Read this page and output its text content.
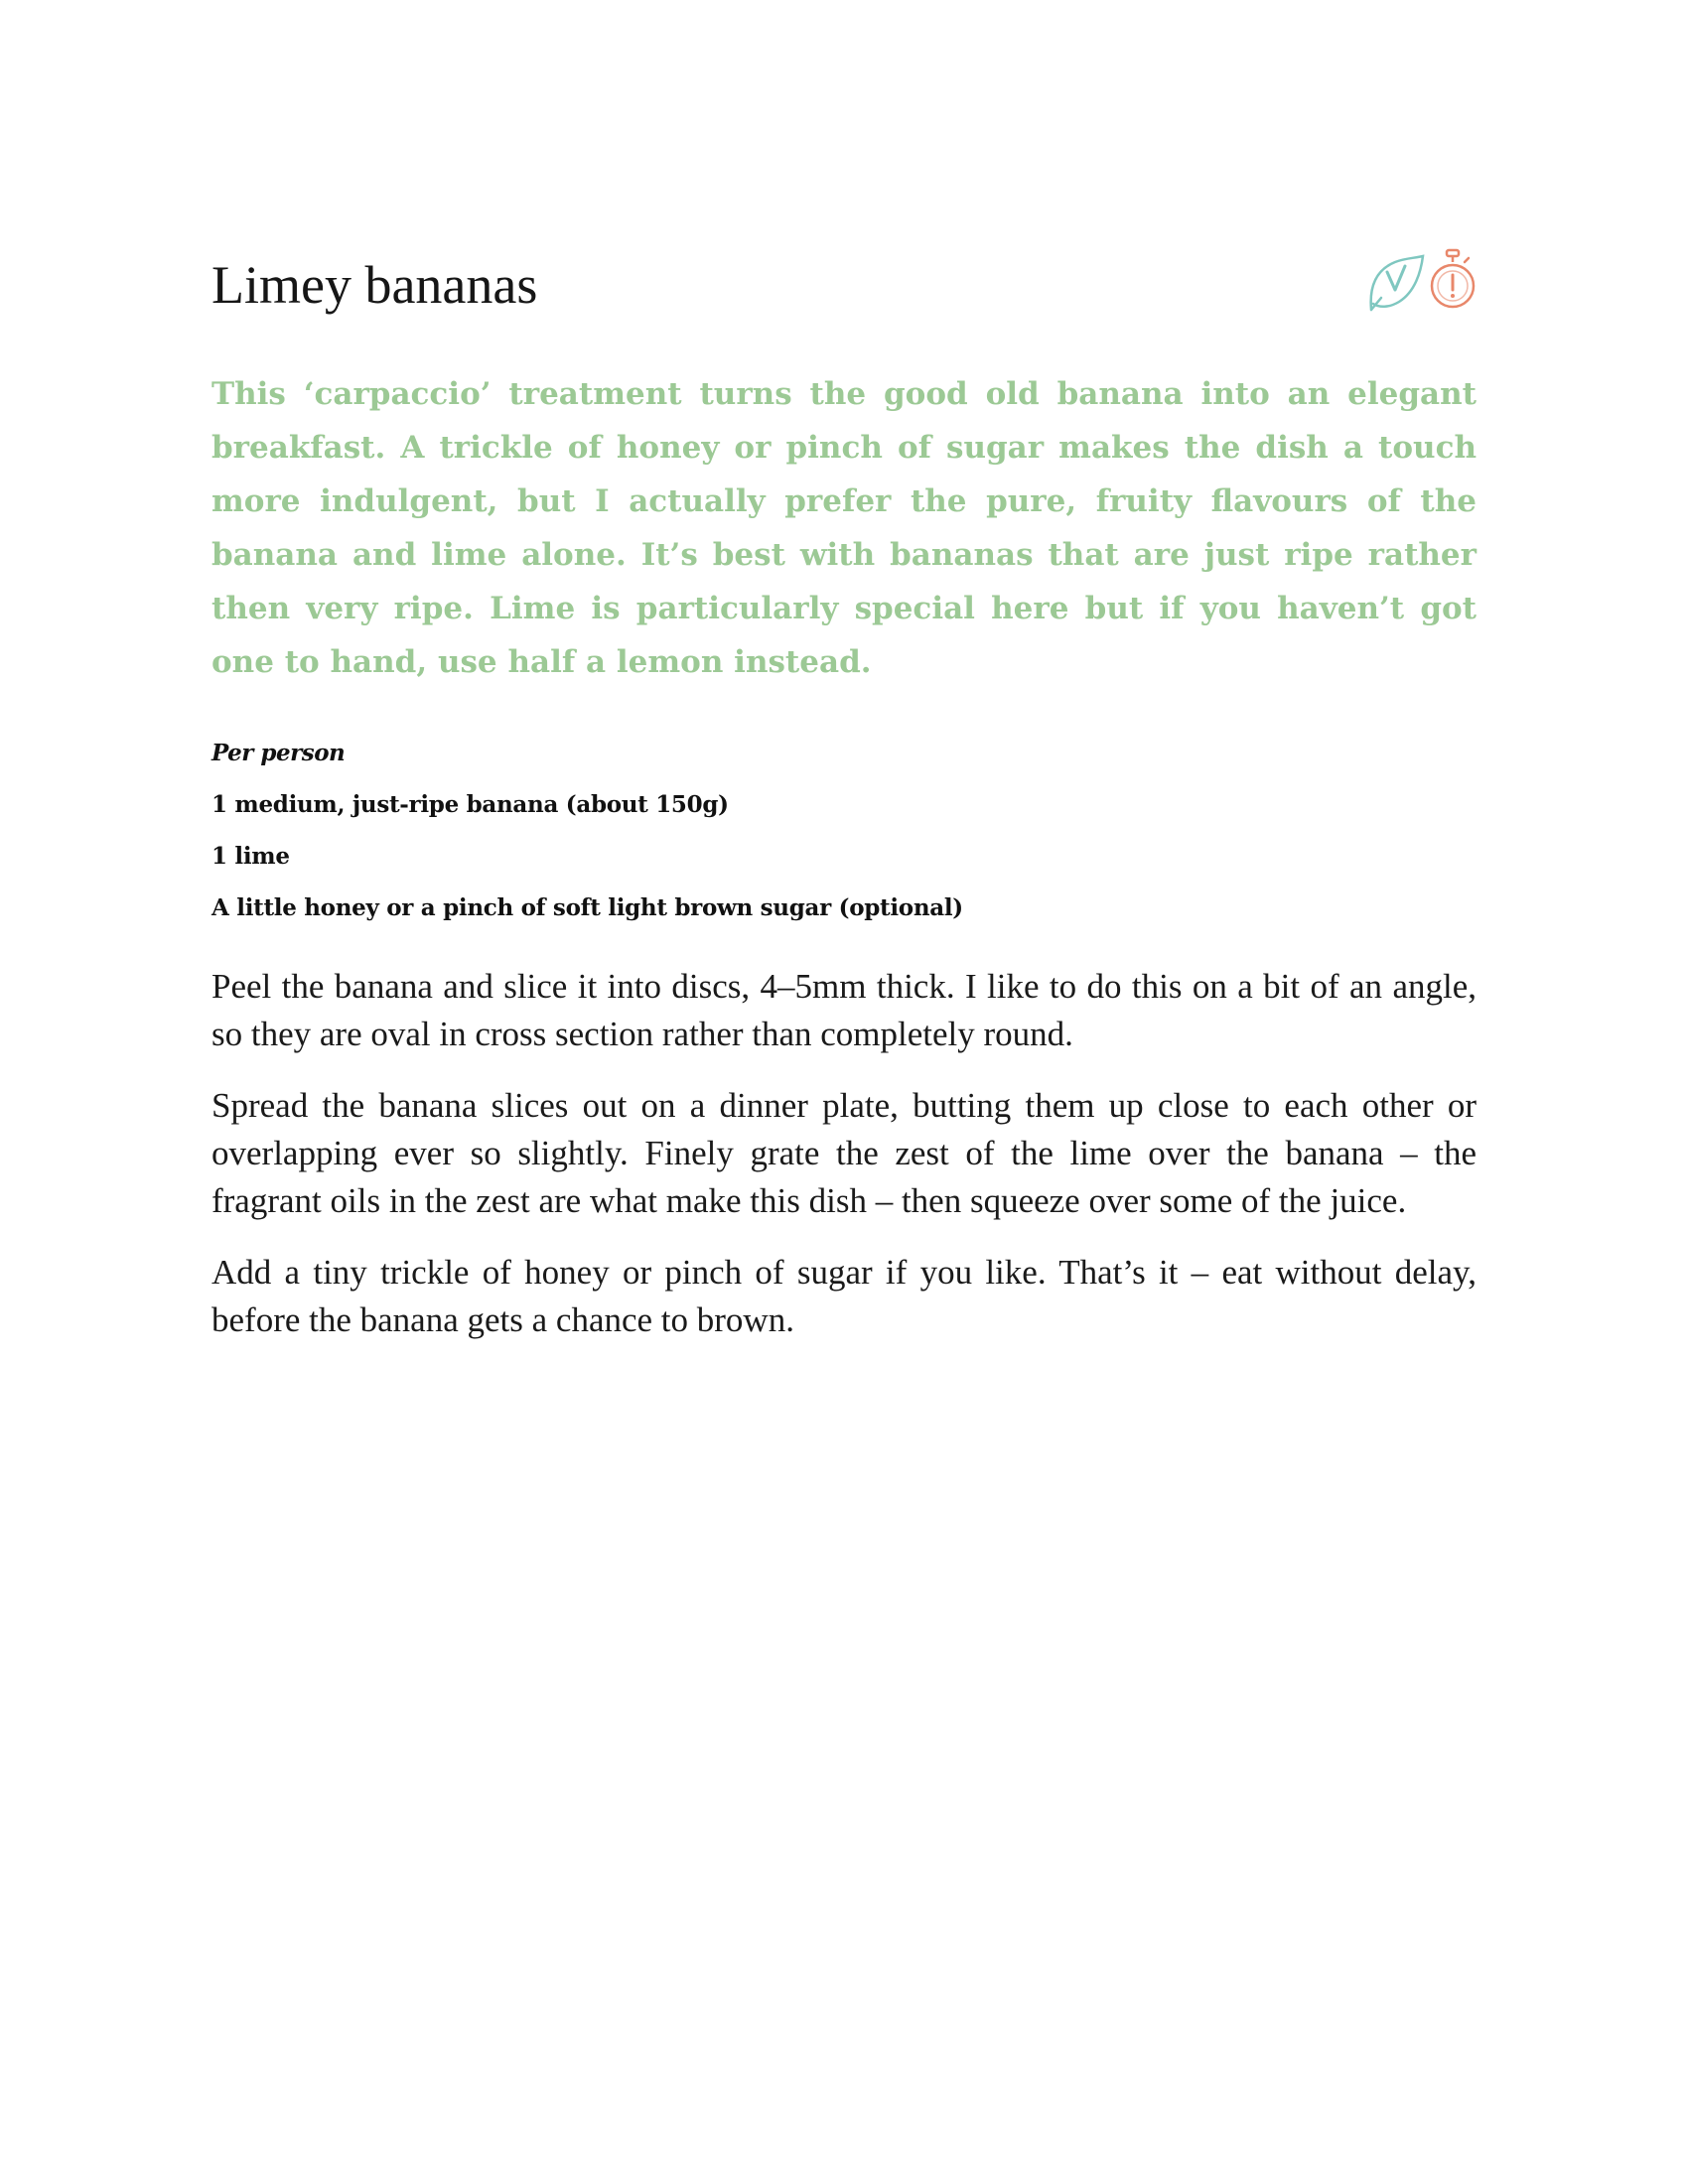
Limey bananas

This ‘carpaccio’ treatment turns the good old banana into an elegant breakfast. A trickle of honey or pinch of sugar makes the dish a touch more indulgent, but I actually prefer the pure, fruity flavours of the banana and lime alone. It’s best with bananas that are just ripe rather then very ripe. Lime is particularly special here but if you haven’t got one to hand, use half a lemon instead.

Per person

1 medium, just-ripe banana (about 150g)

1 lime

A little honey or a pinch of soft light brown sugar (optional)

Peel the banana and slice it into discs, 4–5mm thick. I like to do this on a bit of an angle, so they are oval in cross section rather than completely round.

Spread the banana slices out on a dinner plate, butting them up close to each other or overlapping ever so slightly. Finely grate the zest of the lime over the banana – the fragrant oils in the zest are what make this dish – then squeeze over some of the juice.

Add a tiny trickle of honey or pinch of sugar if you like. That’s it – eat without delay, before the banana gets a chance to brown.
